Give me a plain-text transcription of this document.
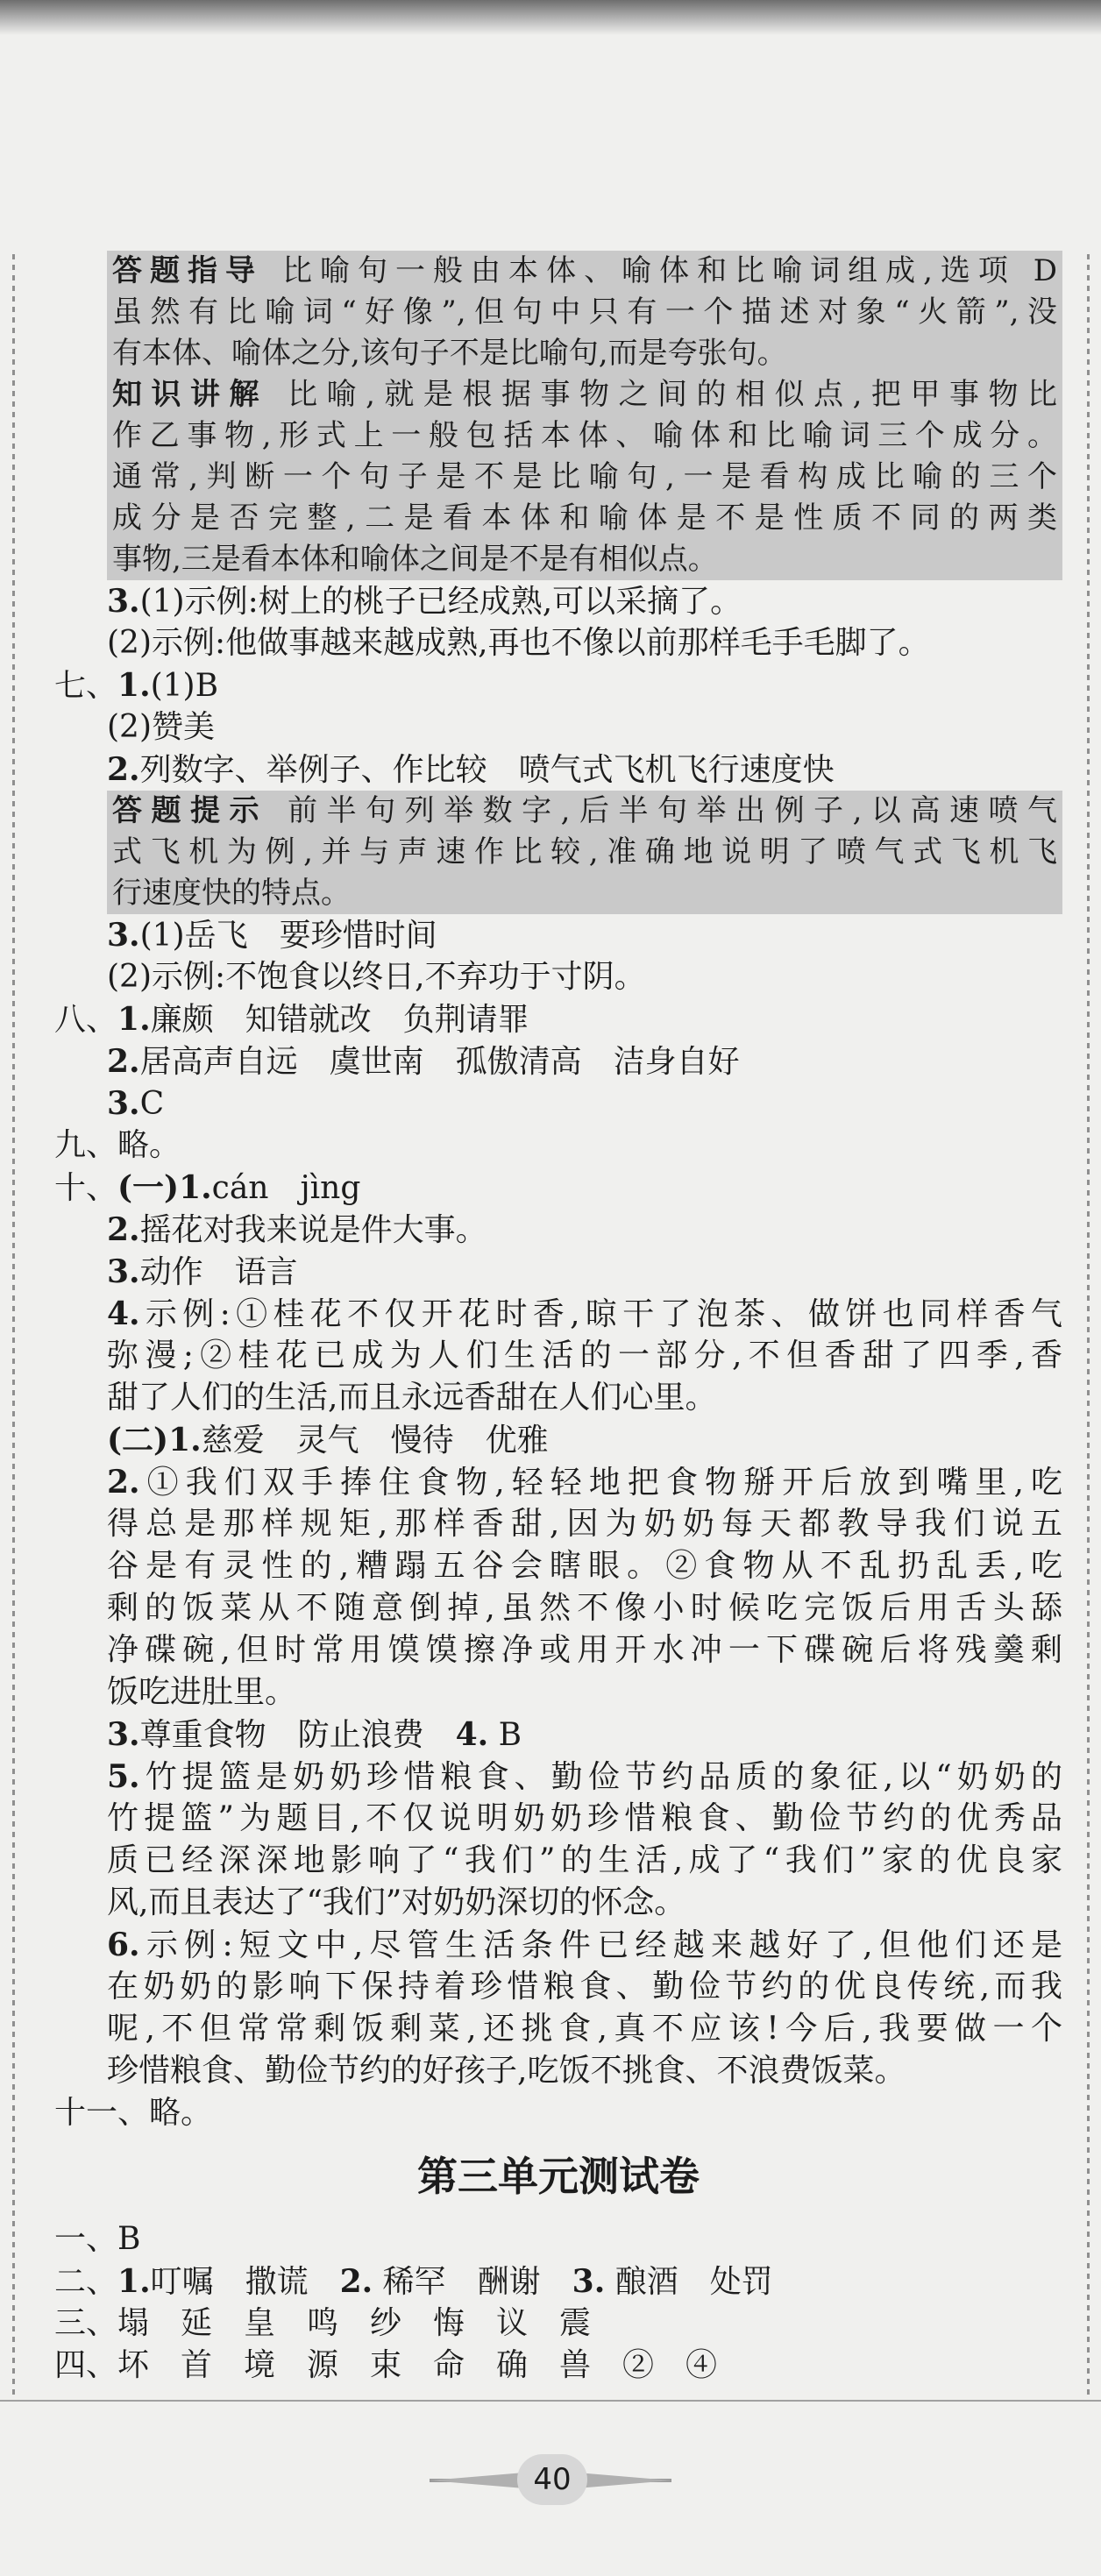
答题指导 比喻句一般由本体、喻体和比喻词组成,选项 D
虽然有比喻词“好像”,但句中只有一个描述对象“火箭”,没
有本体、喻体之分,该句子不是比喻句,而是夸张句。
知识讲解 比喻,就是根据事物之间的相似点,把甲事物比
作乙事物,形式上一般包括本体、喻体和比喻词三个成分。
通常,判断一个句子是不是比喻句,一是看构成比喻的三个
成分是否完整,二是看本体和喻体是不是性质不同的两类
事物,三是看本体和喻体之间是不是有相似点。
3.(1)示例:树上的桃子已经成熟,可以采摘了。
(2)示例:他做事越来越成熟,再也不像以前那样毛手毛脚了。
七、1.(1)B
(2)赞美
2.列数字、举例子、作比较　喷气式飞机飞行速度快
答题提示 前半句列举数字,后半句举出例子,以高速喷气
式飞机为例,并与声速作比较,准确地说明了喷气式飞机飞
行速度快的特点。
3.(1)岳飞　要珍惜时间
(2)示例:不饱食以终日,不弃功于寸阴。
八、1.廉颇　知错就改　负荆请罪
2.居高声自远　虞世南　孤傲清高　洁身自好
3.C
九、略。
十、(一)1.cán　jìng
2.摇花对我来说是件大事。
3.动作　语言
4.示例:①桂花不仅开花时香,晾干了泡茶、做饼也同样香气
弥漫;②桂花已成为人们生活的一部分,不但香甜了四季,香
甜了人们的生活,而且永远香甜在人们心里。
(二)1.慈爱　灵气　慢待　优雅
2.①我们双手捧住食物,轻轻地把食物掰开后放到嘴里,吃
得总是那样规矩,那样香甜,因为奶奶每天都教导我们说五
谷是有灵性的,糟蹋五谷会瞎眼。②食物从不乱扔乱丢,吃
剩的饭菜从不随意倒掉,虽然不像小时候吃完饭后用舌头舔
净碟碗,但时常用馍馍擦净或用开水冲一下碟碗后将残羹剩
饭吃进肚里。
3.尊重食物　防止浪费　4. B
5.竹提篮是奶奶珍惜粮食、勤俭节约品质的象征,以“奶奶的
竹提篮”为题目,不仅说明奶奶珍惜粮食、勤俭节约的优秀品
质已经深深地影响了“我们”的生活,成了“我们”家的优良家
风,而且表达了“我们”对奶奶深切的怀念。
6.示例:短文中,尽管生活条件已经越来越好了,但他们还是
在奶奶的影响下保持着珍惜粮食、勤俭节约的优良传统,而我
呢,不但常常剩饭剩菜,还挑食,真不应该!今后,我要做一个
珍惜粮食、勤俭节约的好孩子,吃饭不挑食、不浪费饭菜。
十一、略。
第三单元测试卷
一、B
二、1.叮嘱　撒谎　2. 稀罕　酬谢　3. 酿酒　处罚
三、塌　延　皇　鸣　纱　悔　议　震
四、坏　首　境　源　束　命　确　兽　②　④
40
